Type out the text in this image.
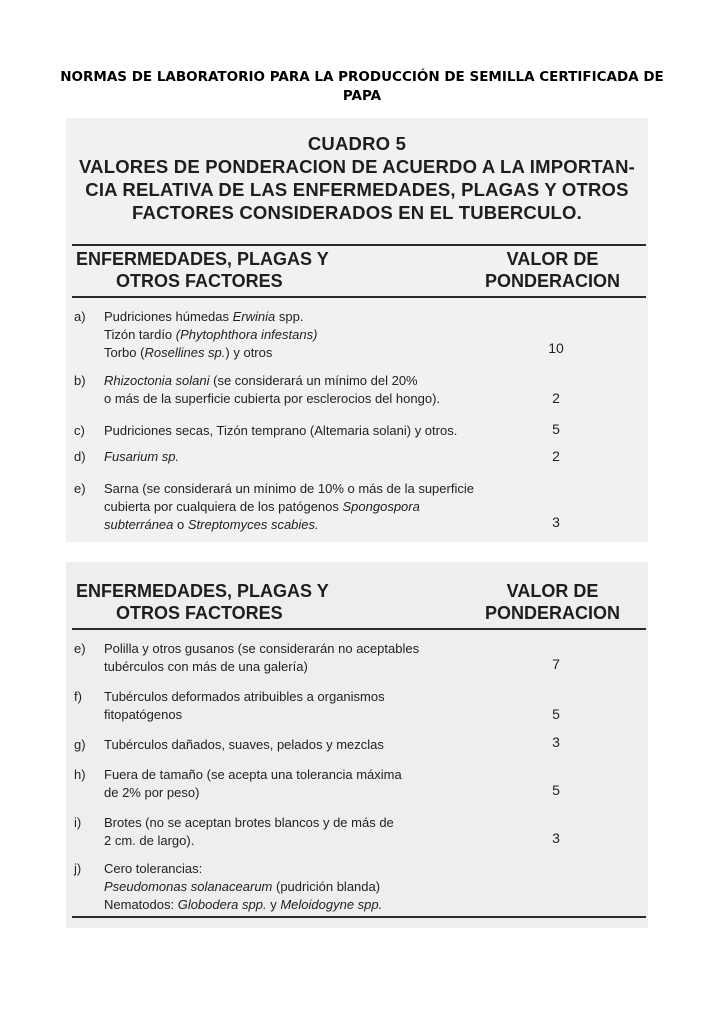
NORMAS DE LABORATORIO PARA LA PRODUCCIÓN DE SEMILLA CERTIFICADA DE
PAPA
CUADRO 5
VALORES DE PONDERACION DE ACUERDO A LA IMPORTAN-
CIA RELATIVA DE LAS ENFERMEDADES, PLAGAS Y OTROS
FACTORES CONSIDERADOS EN EL TUBERCULO.
ENFERMEDADES, PLAGAS Y
OTROS FACTORES
VALOR DE
PONDERACION
a) Pudriciones húmedas Erwinia spp.
Tizón tardío (Phytophthora infestans)
Torbo (Rosellines sp.) y otros	10
b) Rhizoctonia solani (se considerará un mínimo del 20%
o más de la superficie cubierta por esclerocios del hongo).	2
c) Pudriciones secas, Tizón temprano (Altemaria solani) y otros.	5
d) Fusarium sp.	2
e) Sarna (se considerará un mínimo de 10% o más de la superficie
cubierta por cualquiera de los patógenos Spongospora
subterránea o Streptomyces scabies.	3
ENFERMEDADES, PLAGAS Y
OTROS FACTORES
VALOR DE
PONDERACION
e) Polilla y otros gusanos (se considerarán no aceptables
tubérculos con más de una galería)	7
f) Tubérculos deformados atribuibles a organismos
fitopatógenos	5
g) Tubérculos dañados, suaves, pelados y mezclas	3
h) Fuera de tamaño (se acepta una tolerancia máxima
de 2% por peso)	5
i) Brotes (no se aceptan brotes blancos y de más de
2 cm. de largo).	3
j) Cero tolerancias:
Pseudomonas solanacearum (pudrición blanda)
Nematodos: Globodera spp. y Meloidogyne spp.
